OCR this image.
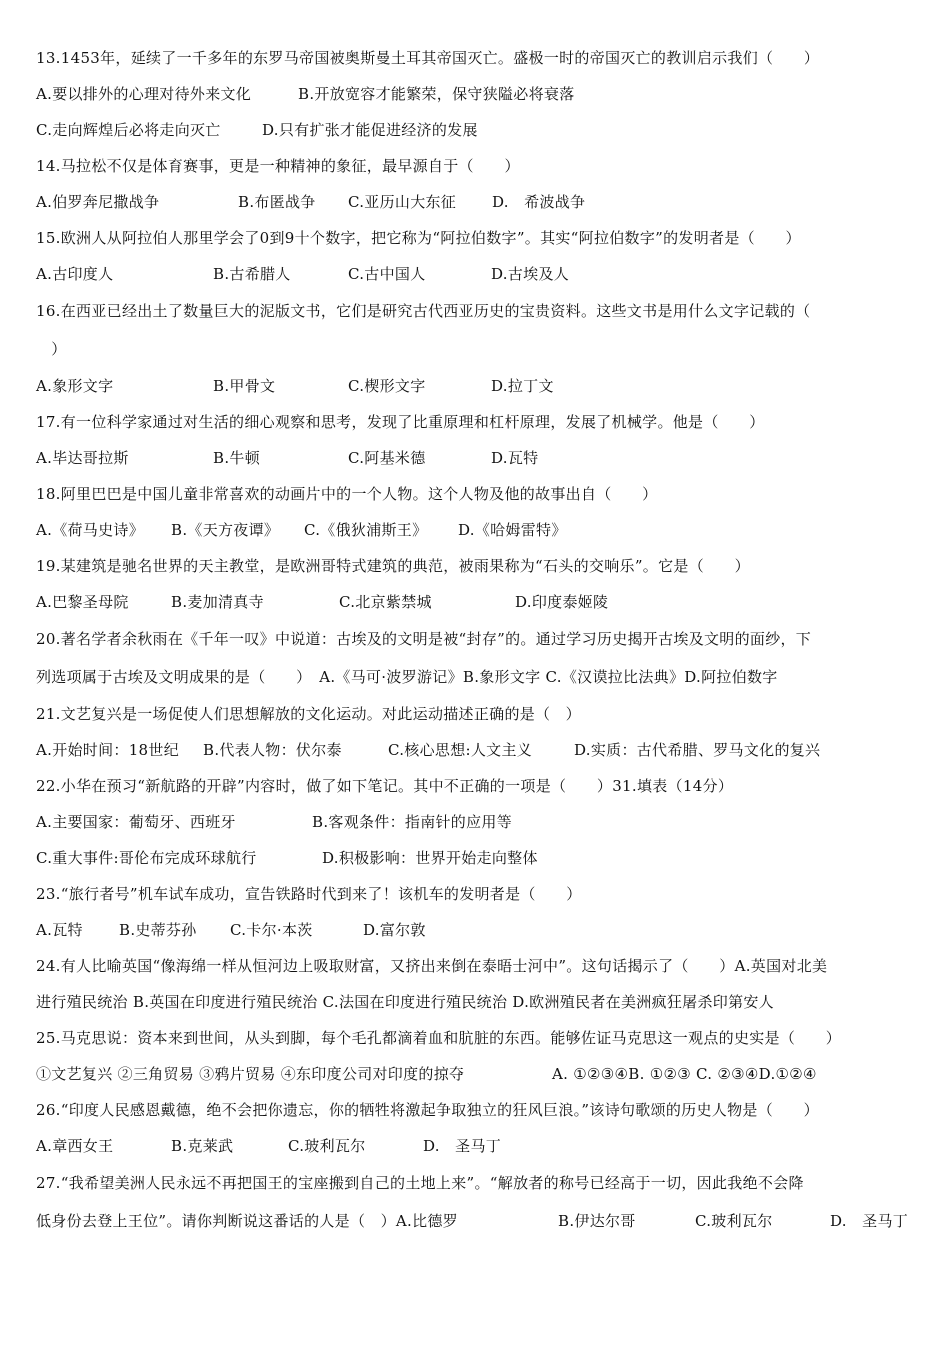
13.1453年，延续了一千多年的东罗马帝国被奥斯曼土耳其帝国灭亡。盛极一时的帝国灭亡的教训启示我们（　　）
A.要以排外的心理对待外来文化	B.开放宽容才能繁荣，保守狭隘必将衰落
C.走向辉煌后必将走向灭亡	D.只有扩张才能促进经济的发展
14.马拉松不仅是体育赛事，更是一种精神的象征，最早源自于（　　）
A.伯罗奔尼撒战争	B.布匿战争 C.亚历山大东征 D.　希波战争
15.欧洲人从阿拉伯人那里学会了0到9十个数字，把它称为“阿拉伯数字”。其实“阿拉伯数字”的发明者是（　　）
A.古印度人	B.古希腊人	C.古中国人	D.古埃及人
16.在西亚已经出土了数量巨大的泥版文书，它们是研究古代西亚历史的宝贵资料。这些文书是用什么文字记载的（
　）
A.象形文字	B.甲骨文	C.楔形文字	D.拉丁文
17.有一位科学家通过对生活的细心观察和思考，发现了比重原理和杠杆原理，发展了机械学。他是（　　）
A.毕达哥拉斯	B.牛顿	C.阿基米德	D.瓦特
18.阿里巴巴是中国儿童非常喜欢的动画片中的一个人物。这个人物及他的故事出自（　　）
A.《荷马史诗》 B.《天方夜谭》 C.《俄狄浦斯王》 D.《哈姆雷特》
19.某建筑是驰名世界的天主教堂，是欧洲哥特式建筑的典范，被雨果称为“石头的交响乐”。它是（　　）
A.巴黎圣母院	B.麦加清真寺	C.北京紫禁城	D.印度泰姬陵
20.著名学者余秋雨在《千年一叹》中说道：古埃及的文明是被“封存”的。通过学习历史揭开古埃及文明的面纱，下
列选项属于古埃及文明成果的是（　　）　A.《马可·波罗游记》B.象形文字 C.《汉谟拉比法典》D.阿拉伯数字
21.文艺复兴是一场促使人们思想解放的文化运动。对此运动描述正确的是（　）
A.开始时间：18世纪 B.代表人物：伏尔泰	C.核心思想:人文主义	D.实质：古代希腊、罗马文化的复兴
22.小华在预习“新航路的开辟”内容时，做了如下笔记。其中不正确的一项是（　　）31.填表（14分）
A.主要国家：葡萄牙、西班牙	B.客观条件：指南针的应用等
C.重大事件:哥伦布完成环球航行	D.积极影响：世界开始走向整体
23.“旅行者号”机车试车成功，宣告铁路时代到来了！该机车的发明者是（　　）
A.瓦特 B.史蒂芬孙 C.卡尔·本茨	D.富尔敦
24.有人比喻英国“像海绵一样从恒河边上吸取财富，又挤出来倒在泰晤士河中”。这句话揭示了（　　）A.英国对北美
进行殖民统治 B.英国在印度进行殖民统治 C.法国在印度进行殖民统治 D.欧洲殖民者在美洲疯狂屠杀印第安人
25.马克思说：资本来到世间，从头到脚，每个毛孔都滴着血和肮脏的东西。能够佐证马克思这一观点的史实是（　　）
①文艺复兴 ②三角贸易 ③鸦片贸易 ④东印度公司对印度的掠夺	A. ①②③④B. ①②③ C. ②③④D.①②④
26.“印度人民感恩戴德，绝不会把你遗忘，你的牺牲将激起争取独立的狂风巨浪。”该诗句歌颂的历史人物是（　　）
A.章西女王	B.克莱武	C.玻利瓦尔	D.　圣马丁
27.“我希望美洲人民永远不再把国王的宝座搬到自己的土地上来”。“解放者的称号已经高于一切，因此我绝不会降
低身份去登上王位”。请你判断说这番话的人是（　）A.比德罗	B.伊达尔哥	C.玻利瓦尔	D.　圣马丁
